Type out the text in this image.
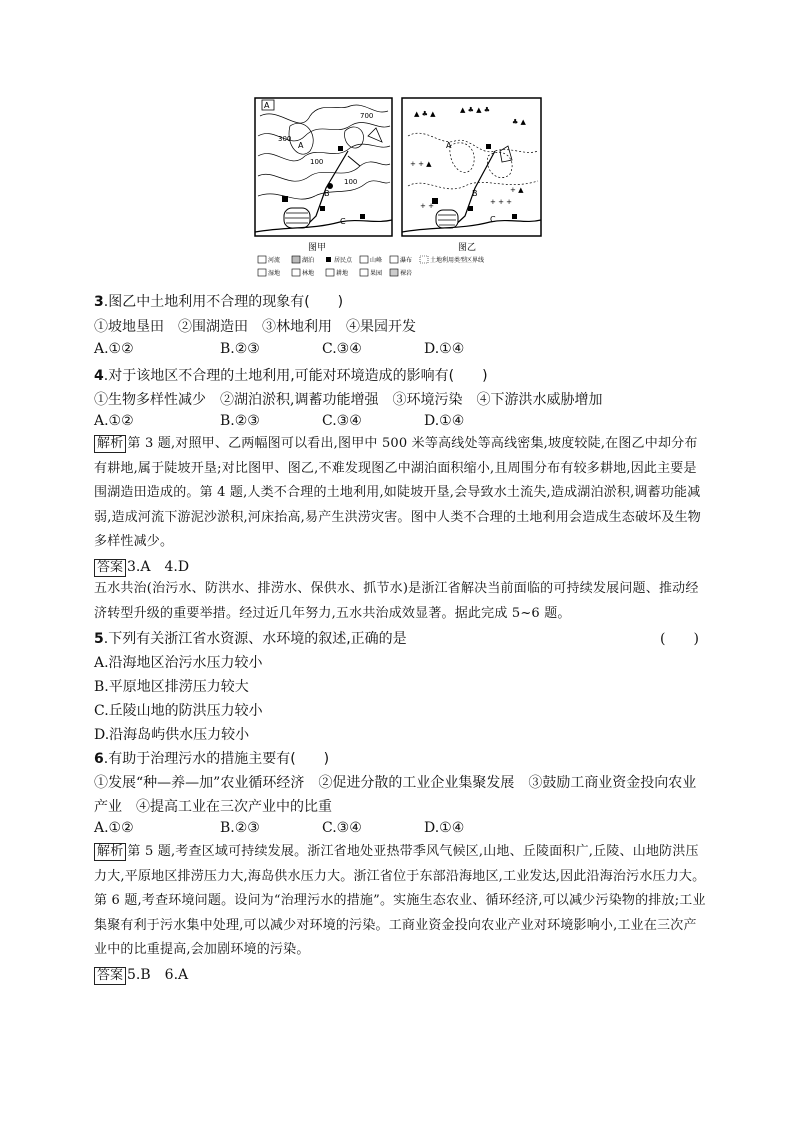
A
700
300
100
100
A
B
C
图甲
▲ ♣ ▲	▲ ♣ ▲ ♣
♣ ▲
+ + ▲
+ +	+ + +
+ ▲
A
B
C
图乙
河流	湖泊	居民点	山峰	瀑布	土地利用类型区界线
湿地	林地	耕地	果园	裸岩
3.图乙中土地利用不合理的现象有(　　)
①坡地垦田　②围湖造田　③林地利用　④果园开发
A.①②	B.②③	C.③④	D.①④
4.对于该地区不合理的土地利用,可能对环境造成的影响有(　　)
①生物多样性减少　②湖泊淤积,调蓄功能增强　③环境污染　④下游洪水威胁增加
A.①②	B.②③	C.③④	D.①④
解析 第 3 题,对照甲、乙两幅图可以看出,图甲中 500 米等高线处等高线密集,坡度较陡,在图乙中却分布有耕地,属于陡坡开垦;对比图甲、图乙,不难发现图乙中湖泊面积缩小,且周围分布有较多耕地,因此主要是围湖造田造成的。第 4 题,人类不合理的土地利用,如陡坡开垦,会导致水土流失,造成湖泊淤积,调蓄功能减弱,造成河流下游泥沙淤积,河床抬高,易产生洪涝灾害。图中人类不合理的土地利用会造成生态破坏及生物多样性减少。
答案 3.A　4.D
五水共治(治污水、防洪水、排涝水、保供水、抓节水)是浙江省解决当前面临的可持续发展问题、推动经济转型升级的重要举措。经过近几年努力,五水共治成效显著。据此完成 5~6 题。
5.下列有关浙江省水资源、水环境的叙述,正确的是	(　　)
A.沿海地区治污水压力较小
B.平原地区排涝压力较大
C.丘陵山地的防洪压力较小
D.沿海岛屿供水压力较小
6.有助于治理污水的措施主要有(　　)
①发展“种—养—加”农业循环经济　②促进分散的工业企业集聚发展　③鼓励工商业资金投向农业
产业　④提高工业在三次产业中的比重
A.①②	B.②③	C.③④	D.①④
解析 第 5 题,考查区域可持续发展。浙江省地处亚热带季风气候区,山地、丘陵面积广,丘陵、山地防洪压力大,平原地区排涝压力大,海岛供水压力大。浙江省位于东部沿海地区,工业发达,因此沿海治污水压力大。第 6 题,考查环境问题。设问为“治理污水的措施”。实施生态农业、循环经济,可以减少污染物的排放;工业集聚有利于污水集中处理,可以减少对环境的污染。工商业资金投向农业产业对环境影响小,工业在三次产业中的比重提高,会加剧环境的污染。
答案 5.B　6.A
